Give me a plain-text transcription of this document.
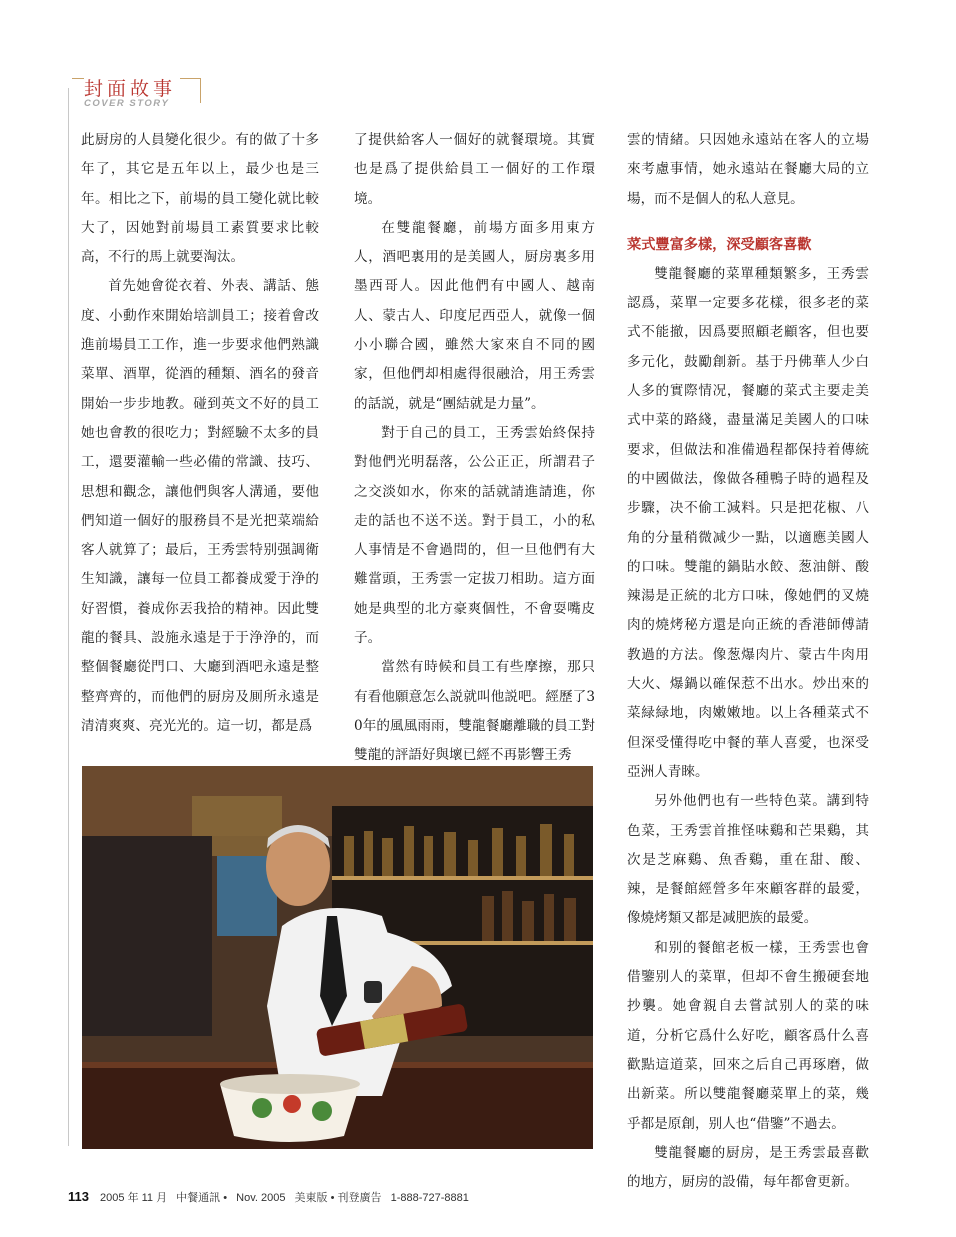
封面故事
COVER STORY

此厨房的人員變化很少。有的做了十多年了，其它是五年以上，最少也是三年。相比之下，前場的員工變化就比較大了，因她對前場員工素質要求比較高，不行的馬上就要淘汰。

首先她會從衣着、外表、講話、態度、小動作來開始培訓員工；接着會改進前場員工工作，進一步要求他們熟識菜單、酒單，從酒的種類、酒名的發音開始一步步地教。碰到英文不好的員工她也會教的很吃力；對經驗不太多的員工，還要灌輸一些必備的常識、技巧、思想和觀念，讓他們與客人溝通，要他們知道一個好的服務員不是光把菜端給客人就算了；最后，王秀雲特别强調衛生知識，讓每一位員工都養成愛于浄的好習慣，養成你丟我拾的精神。因此雙龍的餐具、設施永遠是于于浄浄的，而整個餐廳從門口、大廳到酒吧永遠是整整齊齊的，而他們的厨房及厠所永遠是清清爽爽、亮光光的。這一切，都是爲

了提供給客人一個好的就餐環境。其實也是爲了提供給員工一個好的工作環境。

在雙龍餐廳，前場方面多用東方人，酒吧裏用的是美國人，厨房裏多用墨西哥人。因此他們有中國人、越南人、蒙古人、印度尼西亞人，就像一個小小聯合國，雖然大家來自不同的國家，但他們却相處得很融洽，用王秀雲的話説，就是“團結就是力量”。

對于自己的員工，王秀雲始終保持對他們光明磊落，公公正正，所謂君子之交淡如水，你來的話就請進請進，你走的話也不送不送。對于員工，小的私人事情是不會過問的，但一旦他們有大難當頭，王秀雲一定拔刀相助。這方面她是典型的北方豪爽個性，不會耍嘴皮子。

當然有時候和員工有些摩擦，那只有看他願意怎么説就叫他説吧。經歷了30年的風風雨雨，雙龍餐廳離職的員工對雙龍的評語好與壞已經不再影響王秀

雲的情緒。只因她永遠站在客人的立場來考慮事情，她永遠站在餐廳大局的立場，而不是個人的私人意見。

菜式豐富多樣，深受顧客喜歡

雙龍餐廳的菜單種類繁多，王秀雲認爲，菜單一定要多花樣，很多老的菜式不能撤，因爲要照顧老顧客，但也要多元化，鼓勵創新。基于丹佛華人少白人多的實際情况，餐廳的菜式主要走美式中菜的路綫，盡量滿足美國人的口味要求，但做法和准備過程都保持着傳統的中國做法，像做各種鴨子時的過程及步驟，决不偷工減料。只是把花椒、八角的分量稍微减少一點，以適應美國人的口味。雙龍的鍋貼水餃、葱油餅、酸辣湯是正統的北方口味，像她們的叉燒肉的燒烤秘方還是向正統的香港師傅請教過的方法。像葱爆肉片、蒙古牛肉用大火、爆鍋以確保惹不出水。炒出來的菜緑緑地，肉嫩嫩地。以上各種菜式不但深受懂得吃中餐的華人喜愛，也深受亞洲人青睞。

另外他們也有一些特色菜。講到特色菜，王秀雲首推怪味鷄和芒果鷄，其次是芝麻鷄、魚香鷄，重在甜、酸、辣，是餐館經營多年來顧客群的最愛，像燒烤類又都是减肥族的最愛。

和别的餐館老板一樣，王秀雲也會借鑒别人的菜單，但却不會生搬硬套地抄襲。她會親自去嘗試别人的菜的味道，分析它爲什么好吃，顧客爲什么喜歡點這道菜，回來之后自己再琢磨，做出新菜。所以雙龍餐廳菜單上的菜，幾乎都是原創，别人也“借鑒”不過去。

雙龍餐廳的厨房，是王秀雲最喜歡的地方，厨房的設備，每年都會更新。

113 2005 年 11 月 中餐通訊 • Nov. 2005 美東版 • 刊登廣告 1-888-727-8881
